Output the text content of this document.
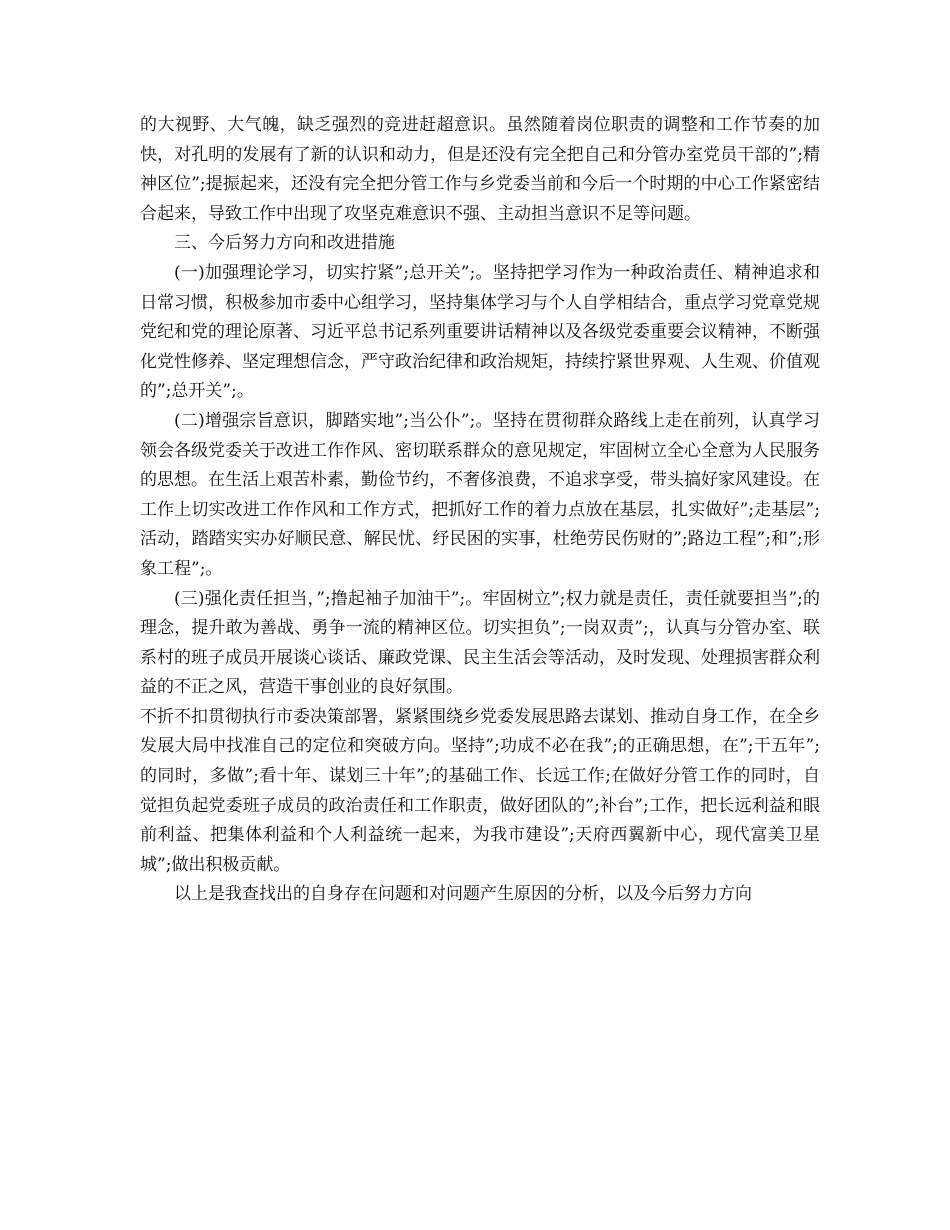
的大视野、大气魄，缺乏强烈的竞进赶超意识。虽然随着岗位职责的调整和工作节奏的加快，对孔明的发展有了新的认识和动力，但是还没有完全把自己和分管办室党员干部的”;精神区位”;提振起来，还没有完全把分管工作与乡党委当前和今后一个时期的中心工作紧密结合起来，导致工作中出现了攻坚克难意识不强、主动担当意识不足等问题。

三、今后努力方向和改进措施

(一)加强理论学习，切实拧紧”;总开关”;。坚持把学习作为一种政治责任、精神追求和日常习惯，积极参加市委中心组学习，坚持集体学习与个人自学相结合，重点学习党章党规党纪和党的理论原著、习近平总书记系列重要讲话精神以及各级党委重要会议精神，不断强化党性修养、坚定理想信念，严守政治纪律和政治规矩，持续拧紧世界观、人生观、价值观的”;总开关”;。

(二)增强宗旨意识，脚踏实地”;当公仆”;。坚持在贯彻群众路线上走在前列，认真学习领会各级党委关于改进工作作风、密切联系群众的意见规定，牢固树立全心全意为人民服务的思想。在生活上艰苦朴素，勤俭节约，不奢侈浪费，不追求享受，带头搞好家风建设。在工作上切实改进工作作风和工作方式，把抓好工作的着力点放在基层，扎实做好”;走基层”;活动，踏踏实实办好顺民意、解民忧、纾民困的实事，杜绝劳民伤财的”;路边工程”;和”;形象工程”;。

(三)强化责任担当，”;撸起袖子加油干”;。牢固树立”;权力就是责任，责任就要担当”;的理念，提升敢为善战、勇争一流的精神区位。切实担负”;一岗双责”;，认真与分管办室、联系村的班子成员开展谈心谈话、廉政党课、民主生活会等活动，及时发现、处理损害群众利益的不正之风，营造干事创业的良好氛围。

不折不扣贯彻执行市委决策部署，紧紧围绕乡党委发展思路去谋划、推动自身工作，在全乡发展大局中找准自己的定位和突破方向。坚持”;功成不必在我”;的正确思想，在”;干五年”;的同时，多做”;看十年、谋划三十年”;的基础工作、长远工作;在做好分管工作的同时，自觉担负起党委班子成员的政治责任和工作职责，做好团队的”;补台”;工作，把长远利益和眼前利益、把集体利益和个人利益统一起来，为我市建设”;天府西翼新中心，现代富美卫星城”;做出积极贡献。

以上是我查找出的自身存在问题和对问题产生原因的分析，以及今后努力方向
